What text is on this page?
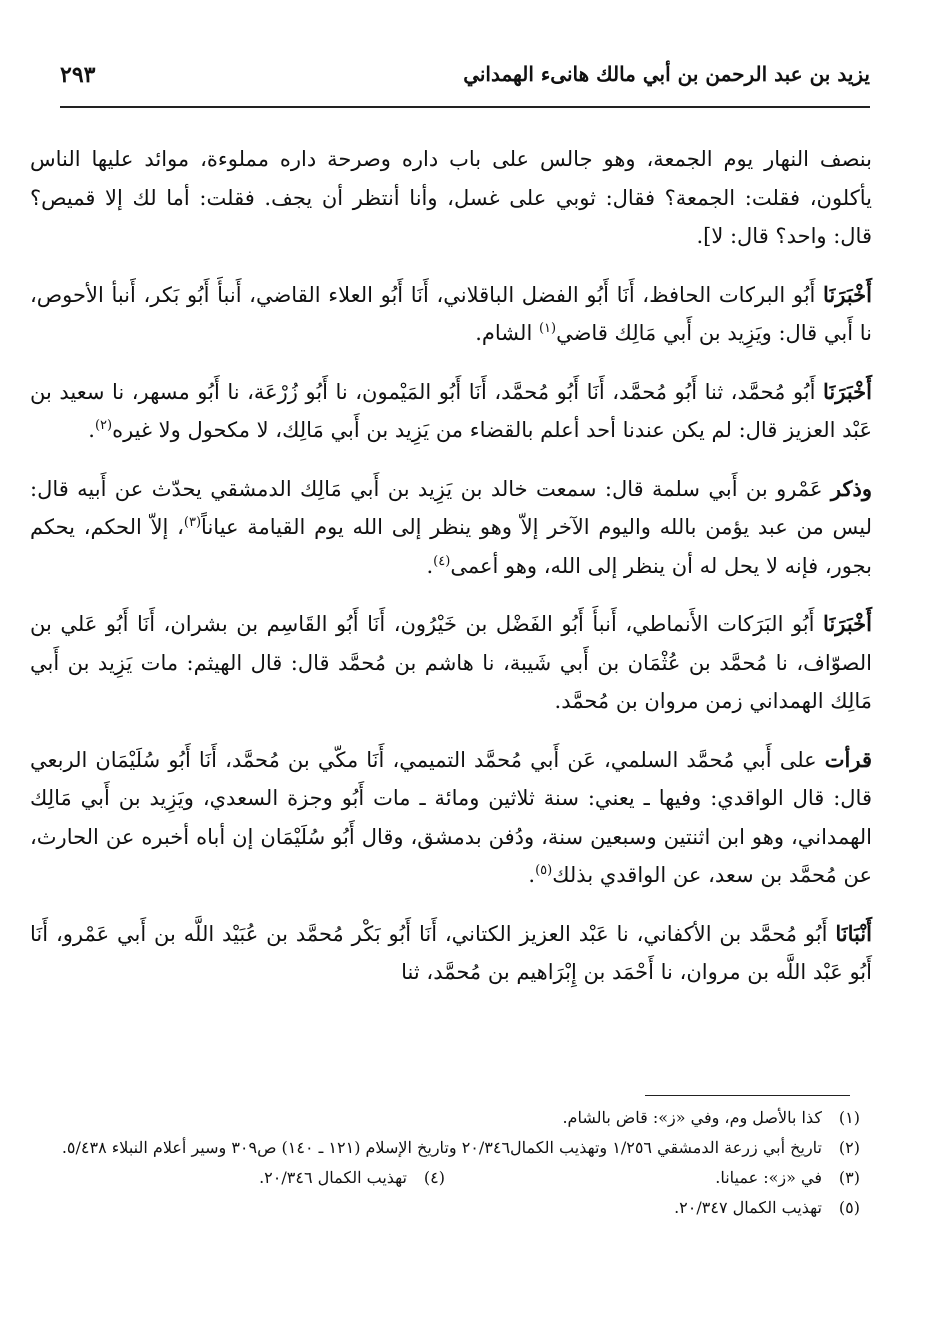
يزيد بن عبد الرحمن بن أبي مالك هانىء الهمداني
٢٩٣

بنصف النهار يوم الجمعة، وهو جالس على باب داره وصرحة داره مملوءة، موائد عليها الناس يأكلون، فقلت: الجمعة؟ فقال: ثوبي على غسل، وأنا أنتظر أن يجف. فقلت: أما لك إلا قميص؟ قال: واحد؟ قال: لا].

أَخْبَرَنَا أَبُو البركات الحافظ، أَنَا أَبُو الفضل الباقلاني، أَنَا أَبُو العلاء القاضي، أَنبأَ أَبُو بَكر، أَنبأ الأحوص، نا أَبي قال: ويَزِيد بن أَبي مَالِك قاضي$^{(١)}$ الشام.

أَخْبَرَنَا أَبُو مُحمَّد، ثنا أَبُو مُحمَّد، أَنَا أَبُو مُحمَّد، أَنَا أَبُو المَيْمون، نا أَبُو زُرْعَة، نا أَبُو مسهر، نا سعيد بن عَبْد العزيز قال: لم يكن عندنا أحد أعلم بالقضاء من يَزِيد بن أَبي مَالِك، لا مكحول ولا غيره$^{(٢)}$.

وذكر عَمْرو بن أَبي سلمة قال: سمعت خالد بن يَزِيد بن أَبي مَالِك الدمشقي يحدّث عن أَبيه قال: ليس من عبد يؤمن بالله واليوم الآخر إلاّ وهو ينظر إلى الله يوم القيامة عياناً$^{(٣)}$، إلاّ الحكم، يحكم بجور، فإنه لا يحل له أن ينظر إلى الله، وهو أعمى$^{(٤)}$.

أَخْبَرَنَا أَبُو البَرَكات الأَنماطي، أَنبأَ أَبُو الفَضْل بن خَيْرُون، أَنَا أَبُو القَاسِم بن بشران، أَنَا أَبُو عَلي بن الصوّاف، نا مُحمَّد بن عُثْمَان بن أَبي شَيبة، نا هاشم بن مُحمَّد قال: قال الهيثم: مات يَزِيد بن أَبي مَالِك الهمداني زمن مروان بن مُحمَّد.

قرأت على أَبي مُحمَّد السلمي، عَن أَبي مُحمَّد التميمي، أَنَا مكّي بن مُحمَّد، أَنَا أَبُو سُلَيْمَان الربعي قال: قال الواقدي: وفيها ـ يعني: سنة ثلاثين ومائة ـ مات أَبُو وجزة السعدي، ويَزِيد بن أَبي مَالِك الهمداني، وهو ابن اثنتين وسبعين سنة، ودُفن بدمشق، وقال أَبُو سُلَيْمَان إن أباه أخبره عن الحارث، عن مُحمَّد بن سعد، عن الواقدي بذلك$^{(٥)}$.

أَنْبَانَا أَبُو مُحمَّد بن الأكفاني، نا عَبْد العزيز الكتاني، أَنَا أَبُو بَكْر مُحمَّد بن عُبَيْد اللَّه بن أَبي عَمْرو، أَنَا أَبُو عَبْد اللَّه بن مروان، نا أَحْمَد بن إِبْرَاهيم بن مُحمَّد، ثنا

(١)
كذا بالأصل وم، وفي «ز»: قاض بالشام.
(٢)
تاريخ أبي زرعة الدمشقي ١/٢٥٦ وتهذيب الكمال٢٠/٣٤٦ وتاريخ الإسلام (١٢١ ـ ١٤٠) ص٣٠٩ وسير أعلام النبلاء ٥/٤٣٨.
(٣)
في «ز»: عميانا.
(٤)
تهذيب الكمال ٢٠/٣٤٦.
(٥)
تهذيب الكمال ٢٠/٣٤٧.
